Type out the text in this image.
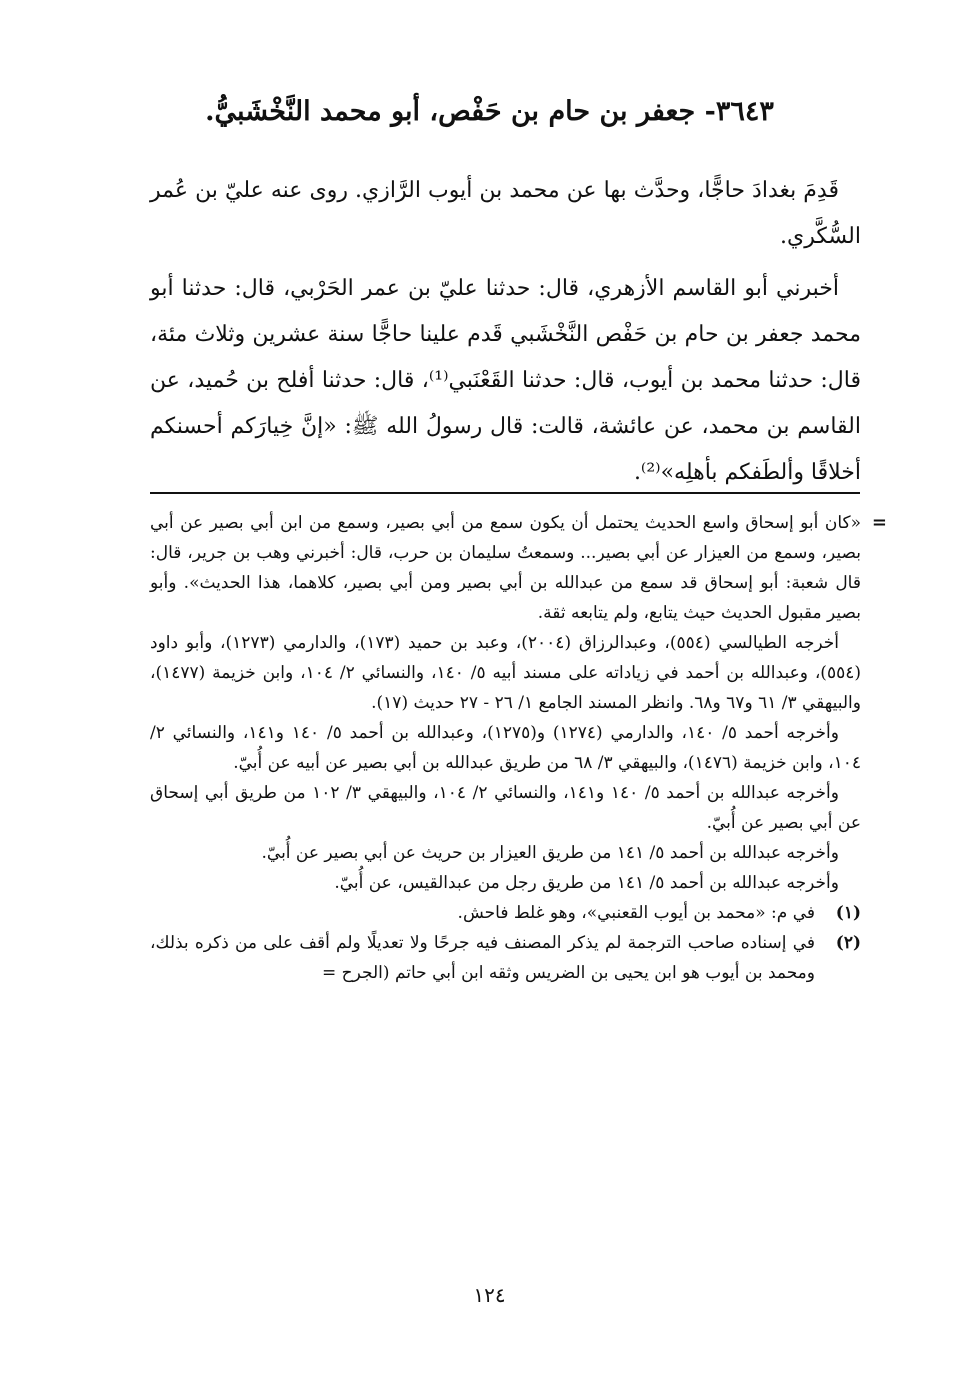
٣٦٤٣- جعفر بن حام بن حَفْص، أبو محمد النَّخْشَبيُّ.

قَدِمَ بغدادَ حاجًّا، وحدَّث بها عن محمد بن أيوب الرَّازي. روى عنه عليّ بن عُمر السُّكَّري.

أخبرني أبو القاسم الأزهري، قال: حدثنا عليّ بن عمر الحَرْبي، قال: حدثنا أبو محمد جعفر بن حام بن حَفْص النَّخْشَبي قَدم علينا حاجًّا سنة عشرين وثلاث مئة، قال: حدثنا محمد بن أيوب، قال: حدثنا القَعْنَبي⁽¹⁾، قال: حدثنا أفلح بن حُميد، عن القاسم بن محمد، عن عائشة، قالت: قال رسولُ الله ﷺ: «إنَّ خِيارَكم أحسنكم أخلاقًا وألطَفكم بأهلِه»⁽²⁾.

=

«كان أبو إسحاق واسع الحديث يحتمل أن يكون سمع من أبي بصير، وسمع من ابن أبي بصير عن أبي بصير، وسمع من العيزار عن أبي بصير... وسمعتُ سليمان بن حرب، قال: أخبرني وهب بن جرير، قال: قال شعبة: أبو إسحاق قد سمع من عبدالله بن أبي بصير ومن أبي بصير، كلاهما، هذا الحديث». وأبو بصير مقبول الحديث حيث يتابع، ولم يتابعه ثقة.

أخرجه الطيالسي (٥٥٤)، وعبدالرزاق (٢٠٠٤)، وعبد بن حميد (١٧٣)، والدارمي (١٢٧٣)، وأبو داود (٥٥٤)، وعبدالله بن أحمد في زياداته على مسند أبيه ٥/ ١٤٠، والنسائي ٢/ ١٠٤، وابن خزيمة (١٤٧٧)، والبيهقي ٣/ ٦١ و٦٧ و٦٨. وانظر المسند الجامع ١/ ٢٦ - ٢٧ حديث (١٧).

وأخرجه أحمد ٥/ ١٤٠، والدارمي (١٢٧٤) و(١٢٧٥)، وعبدالله بن أحمد ٥/ ١٤٠ و١٤١، والنسائي ٢/ ١٠٤، وابن خزيمة (١٤٧٦)، والبيهقي ٣/ ٦٨ من طريق عبدالله بن أبي بصير عن أبيه عن أُبيّ.

وأخرجه عبدالله بن أحمد ٥/ ١٤٠ و١٤١، والنسائي ٢/ ١٠٤، والبيهقي ٣/ ١٠٢ من طريق أبي إسحاق عن أبي بصير عن أُبيّ.

وأخرجه عبدالله بن أحمد ٥/ ١٤١ من طريق العيزار بن حريث عن أبي بصير عن أُبيّ.

وأخرجه عبدالله بن أحمد ٥/ ١٤١ من طريق رجل من عبدالقيس، عن أُبيّ.

(١)
في م: «محمد بن أيوب القعنبي»، وهو غلط فاحش.
(٢)
في إسناده صاحب الترجمة لم يذكر المصنف فيه جرحًا ولا تعديلًا ولم أقف على من ذكره بذلك، ومحمد بن أيوب هو ابن يحيى بن الضريس وثقه ابن أبي حاتم (الجرح =
١٢٤
